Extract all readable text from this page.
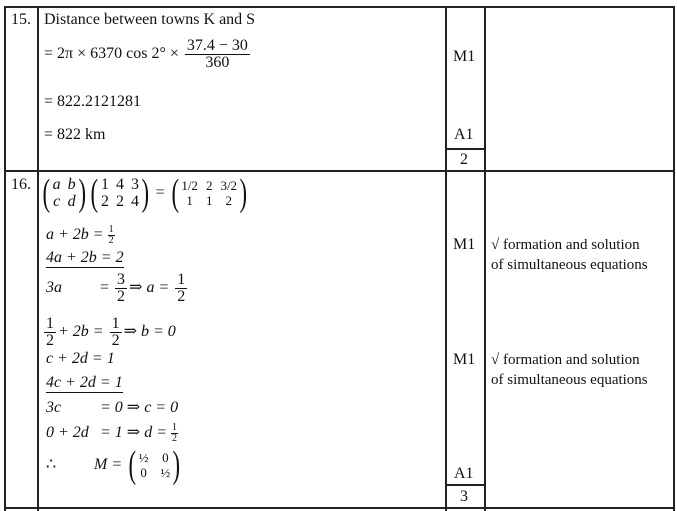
15. Distance between towns K and S
= 2π × 6370 $\cos 2^\circ \times \frac{37.4 - 30}{360}$
= 822.2121281
= 822 km
M1
A1
2
16. ( a b
c d ) ( 1 4 3
2 2 4 ) = ( 1/2 2 3/2
1	1	2 )
$a + 2b = \frac{1}{2}$
4a + 2b = 2
$3a = \frac{3}{2}$ ⇒ $a = \frac{1}{2}$
$\frac{1}{2} + 2b = \frac{1}{2}$ ⇒ b = 0
c + 2d = 1
4c + 2d = 1
3c = 0 ⇒ c = 0
0 + 2d = 1 ⇒ $d = \frac{1}{2}$
∴ M = ( ½ 0
0 ½ )
M1
M1
A1
3
√ formation and solution
of simultaneous equations
√ formation and solution
of simultaneous equations
